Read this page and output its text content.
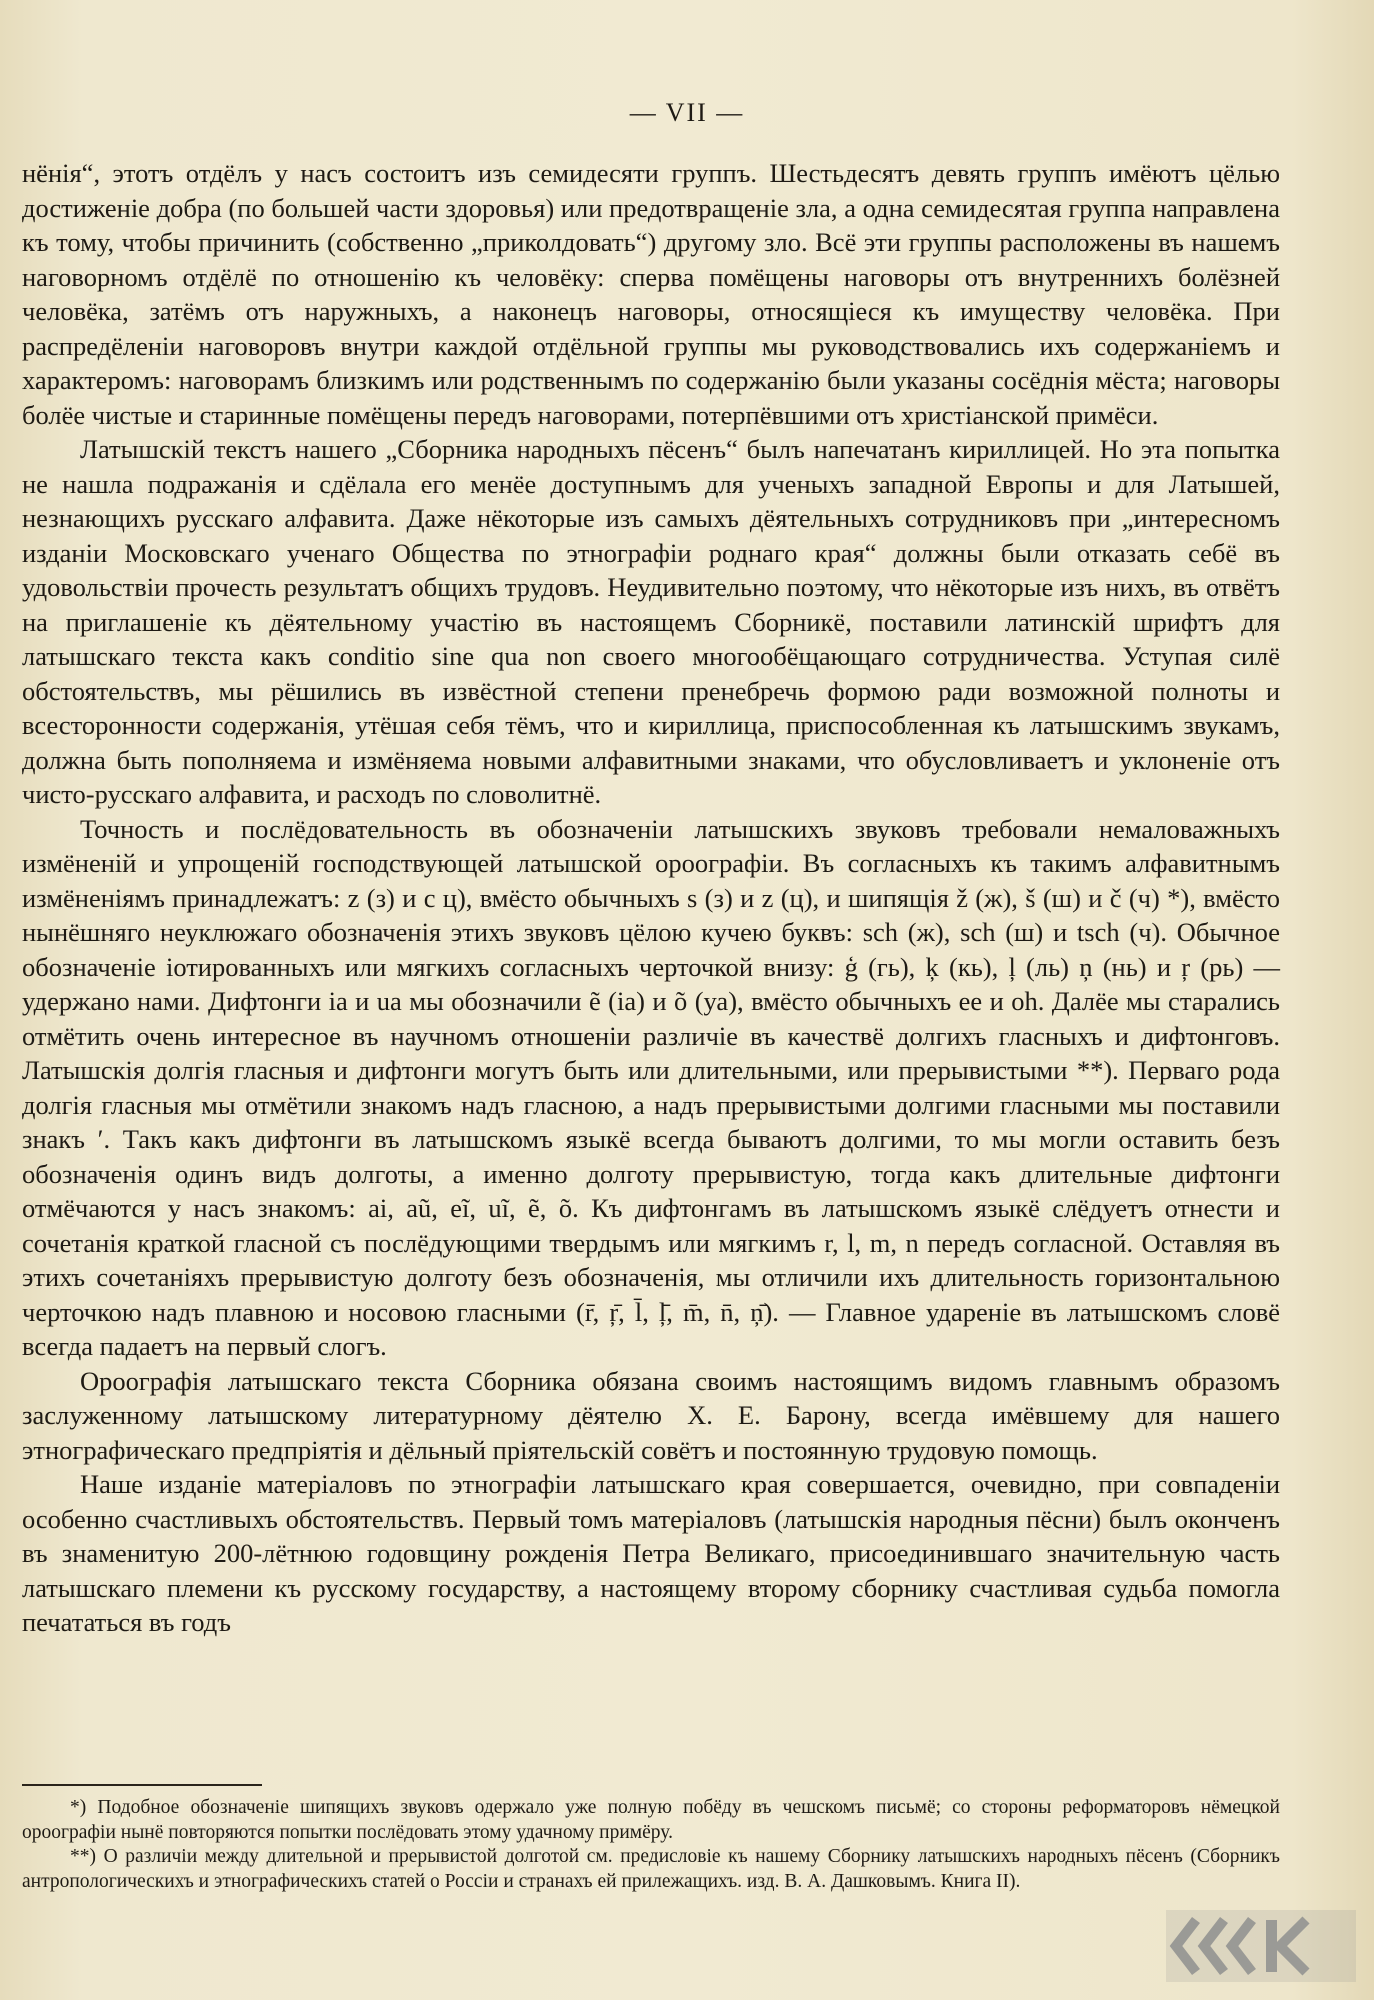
— VII —

нёнія“, этотъ отдёлъ у насъ состоитъ изъ семидесяти группъ. Шестьдесятъ девять группъ имёютъ цёлью достиженіе добра (по большей части здоровья) или предотвращеніе зла, а одна семидесятая группа направлена къ тому, чтобы причинить (собственно „приколдовать“) другому зло. Всё эти группы расположены въ нашемъ наговорномъ отдёлё по отношенію къ человёку: сперва помёщены наговоры отъ внутреннихъ болёзней человёка, затёмъ отъ наружныхъ, а наконецъ наговоры, относящіеся къ имуществу человёка. При распредёленіи наговоровъ внутри каждой отдёльной группы мы руководствовались ихъ содержаніемъ и характеромъ: наговорамъ близкимъ или родственнымъ по содержанію были указаны сосёднія мёста; наговоры болёе чистые и старинные помёщены передъ наговорами, потерпёвшими отъ христіанской примёси.

Латышскій текстъ нашего „Сборника народныхъ пёсенъ“ былъ напечатанъ кириллицей. Но эта попытка не нашла подражанія и сдёлала его менёе доступнымъ для ученыхъ западной Европы и для Латышей, незнающихъ русскаго алфавита. Даже нёкоторые изъ самыхъ дёятельныхъ сотрудниковъ при „интересномъ изданіи Московскаго ученаго Общества по этнографіи роднаго края“ должны были отказать себё въ удовольствіи прочесть результатъ общихъ трудовъ. Неудивительно поэтому, что нёкоторые изъ нихъ, въ отвётъ на приглашеніе къ дёятельному участію въ настоящемъ Сборникё, поставили латинскій шрифтъ для латышскаго текста какъ conditio sine qua non своего многообёщающаго сотрудничества. Уступая силё обстоятельствъ, мы рёшились въ извёстной степени пренебречь формою ради возможной полноты и всесторонности содержанія, утёшая себя тёмъ, что и кириллица, приспособленная къ латышскимъ звукамъ, должна быть пополняема и измёняема новыми алфавитными знаками, что обусловливаетъ и уклоненіе отъ чисто-русскаго алфавита, и расходъ по словолитнё.

Точность и послёдовательность въ обозначеніи латышскихъ звуковъ требовали немаловажныхъ измёненій и упрощеній господствующей латышской ороографіи. Въ согласныхъ къ такимъ алфавитнымъ измёненіямъ принадлежатъ: z (з) и c ц), вмёсто обычныхъ s (з) и z (ц), и шипящія ž (ж), š (ш) и č (ч) *), вмёсто нынёшняго неуклюжаго обозначенія этихъ звуковъ цёлою кучею буквъ: sch (ж), sch (ш) и tsch (ч). Обычное обозначеніе іотированныхъ или мягкихъ согласныхъ черточкой внизу: ģ (гь), ķ (кь), ļ (ль) ņ (нь) и ŗ (рь) — удержано нами. Дифтонги ia и ua мы обозначили ẽ (іа) и õ (уа), вмёсто обычныхъ ee и oh. Далёе мы старались отмётить очень интересное въ научномъ отношеніи различіе въ качествё долгихъ гласныхъ и дифтонговъ. Латышскія долгія гласныя и дифтонги могутъ быть или длительными, или прерывистыми **). Перваго рода долгія гласныя мы отмётили знакомъ надъ гласною, а надъ прерывистыми долгими гласными мы поставили знакъ ′. Такъ какъ дифтонги въ латышскомъ языкё всегда бываютъ долгими, то мы могли оставить безъ обозначенія одинъ видъ долготы, а именно долготу прерывистую, тогда какъ длительные дифтонги отмёчаются у насъ знакомъ: ai, aũ, eĩ, uĩ, ẽ, õ. Къ дифтонгамъ въ латышскомъ языкё слёдуетъ отнести и сочетанія краткой гласной съ послёдующими твердымъ или мягкимъ r, l, m, n передъ согласной. Оставляя въ этихъ сочетаніяхъ прерывистую долготу безъ обозначенія, мы отличили ихъ длительность горизонтальною черточкою надъ плавною и носовою гласными (r̄, ŗ̄, l̄, ļ̄, m̄, n̄, ņ̄). — Главное удареніе въ латышскомъ словё всегда падаетъ на первый слогъ.

Ороографія латышскаго текста Сборника обязана своимъ настоящимъ видомъ главнымъ образомъ заслуженному латышскому литературному дёятелю Х. Е. Барону, всегда имёвшему для нашего этнографическаго предпріятія и дёльный пріятельскій совётъ и постоянную трудовую помощь.

Наше изданіе матеріаловъ по этнографіи латышскаго края совершается, очевидно, при совпаденіи особенно счастливыхъ обстоятельствъ. Первый томъ матеріаловъ (латышскія народныя пёсни) былъ оконченъ въ знаменитую 200-лётнюю годовщину рожденія Петра Великаго, присоединившаго значительную часть латышскаго племени къ русскому государству, а настоящему второму сборнику счастливая судьба помогла печататься въ годъ

*) Подобное обозначеніе шипящихъ звуковъ одержало уже полную побёду въ чешскомъ письмё; со стороны реформаторовъ нёмецкой ороографіи нынё повторяются попытки послёдовать этому удачному примёру.

**) О различіи между длительной и прерывистой долготой см. предисловіе къ нашему Сборнику латышскихъ народныхъ пёсенъ (Сборникъ антропологическихъ и этнографическихъ статей о Россіи и странахъ ей прилежащихъ. изд. В. А. Дашковымъ. Книга II).
